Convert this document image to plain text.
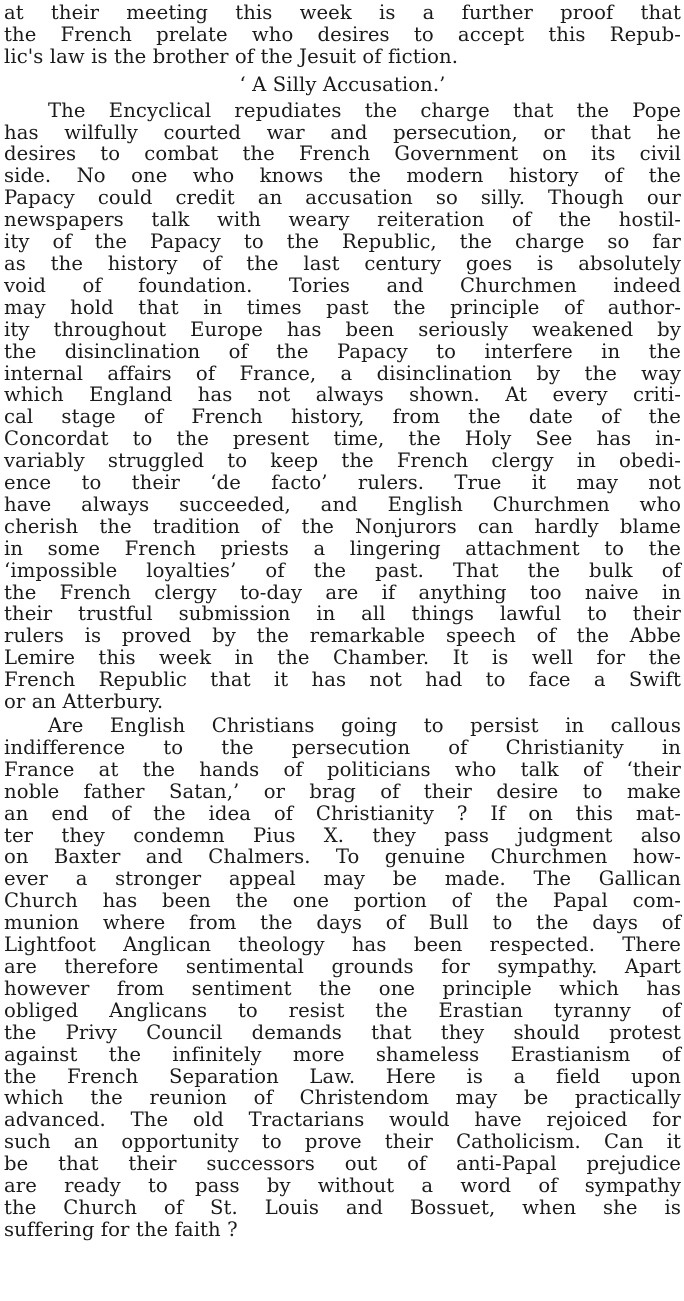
at their meeting this week is a further proof that
the French prelate who desires to accept this Repub-
lic's law is the brother of the Jesuit of fiction.
‘ A Silly Accusation.’
The Encyclical repudiates the charge that the Pope
has wilfully courted war and persecution, or that he
desires to combat the French Government on its civil
side. No one who knows the modern history of the
Papacy could credit an accusation so silly. Though our
newspapers talk with weary reiteration of the hostil-
ity of the Papacy to the Republic, the charge so far
as the history of the last century goes is absolutely
void of foundation. Tories and Churchmen indeed
may hold that in times past the principle of author-
ity throughout Europe has been seriously weakened by
the disinclination of the Papacy to interfere in the
internal affairs of France, a disinclination by the way
which England has not always shown. At every criti-
cal stage of French history, from the date of the
Concordat to the present time, the Holy See has in-
variably struggled to keep the French clergy in obedi-
ence to their ‘de facto’ rulers. True it may not
have always succeeded, and English Churchmen who
cherish the tradition of the Nonjurors can hardly blame
in some French priests a lingering attachment to the
‘impossible loyalties’ of the past. That the bulk of
the French clergy to-day are if anything too naive in
their trustful submission in all things lawful to their
rulers is proved by the remarkable speech of the Abbe
Lemire this week in the Chamber. It is well for the
French Republic that it has not had to face a Swift
or an Atterbury.
Are English Christians going to persist in callous
indifference to the persecution of Christianity in
France at the hands of politicians who talk of ‘their
noble father Satan,’ or brag of their desire to make
an end of the idea of Christianity ? If on this mat-
ter they condemn Pius X. they pass judgment also
on Baxter and Chalmers. To genuine Churchmen how-
ever a stronger appeal may be made. The Gallican
Church has been the one portion of the Papal com-
munion where from the days of Bull to the days of
Lightfoot Anglican theology has been respected. There
are therefore sentimental grounds for sympathy. Apart
however from sentiment the one principle which has
obliged Anglicans to resist the Erastian tyranny of
the Privy Council demands that they should protest
against the infinitely more shameless Erastianism of
the French Separation Law. Here is a field upon
which the reunion of Christendom may be practically
advanced. The old Tractarians would have rejoiced for
such an opportunity to prove their Catholicism. Can it
be that their successors out of anti-Papal prejudice
are ready to pass by without a word of sympathy
the Church of St. Louis and Bossuet, when she is
suffering for the faith ?
